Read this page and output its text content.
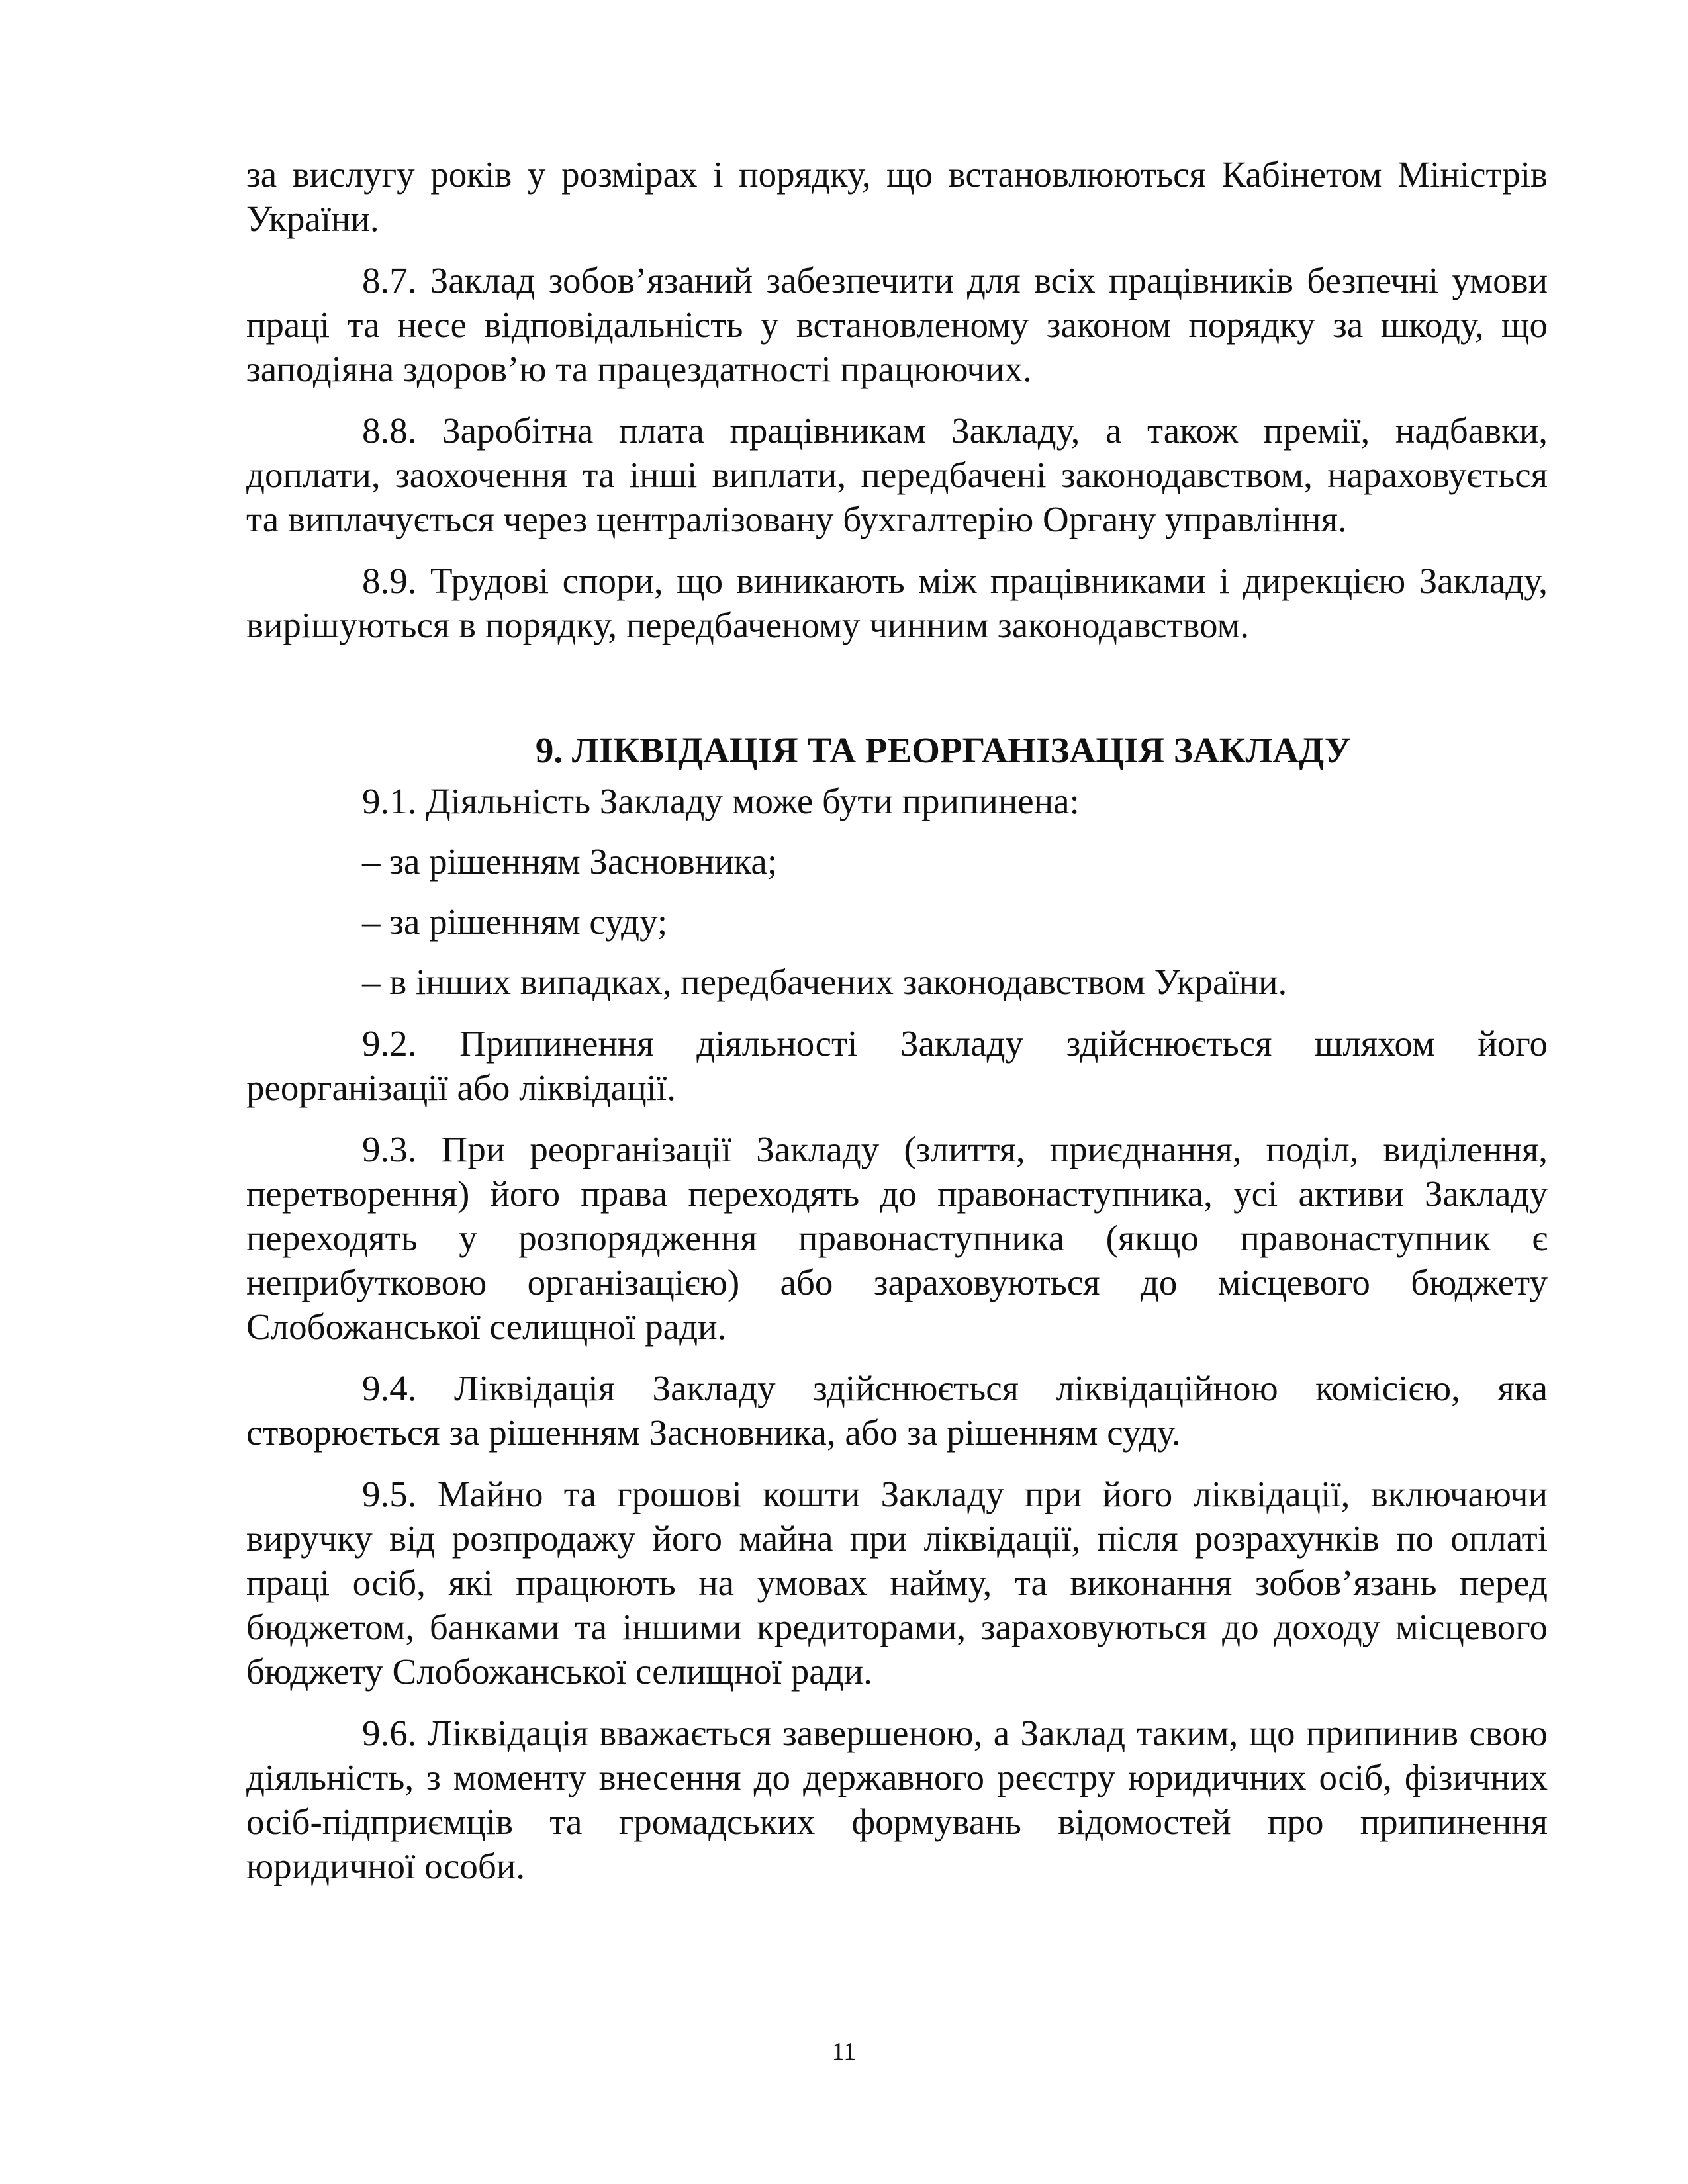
за вислугу років у розмірах і порядку, що встановлюються Кабінетом Міністрів України.

8.7. Заклад зобов’язаний забезпечити для всіх працівників безпечні умови праці та несе відповідальність у встановленому законом порядку за шкоду, що заподіяна здоров’ю та працездатності працюючих.

8.8. Заробітна плата працівникам Закладу, а також премії, надбавки, доплати, заохочення та інші виплати, передбачені законодавством, нараховується та виплачується через централізовану бухгалтерію Органу управління.

8.9. Трудові спори, що виникають між працівниками і дирекцією Закладу, вирішуються в порядку, передбаченому чинним законодавством.

9. ЛІКВІДАЦІЯ ТА РЕОРГАНІЗАЦІЯ ЗАКЛАДУ

9.1. Діяльність Закладу може бути припинена:

– за рішенням Засновника;

– за рішенням суду;

– в інших випадках, передбачених законодавством України.

9.2. Припинення діяльності Закладу здійснюється шляхом його реорганізації або ліквідації.

9.3. При реорганізації Закладу (злиття, приєднання, поділ, виділення, перетворення) його права переходять до правонаступника, усі активи Закладу переходять у розпорядження правонаступника (якщо правонаступник є неприбутковою організацією) або зараховуються до місцевого бюджету Слобожанської селищної ради.

9.4. Ліквідація Закладу здійснюється ліквідаційною комісією, яка створюється за рішенням Засновника, або за рішенням суду.

9.5. Майно та грошові кошти Закладу при його ліквідації, включаючи виручку від розпродажу його майна при ліквідації, після розрахунків по оплаті праці осіб, які працюють на умовах найму, та виконання зобов’язань перед бюджетом, банками та іншими кредиторами, зараховуються до доходу місцевого бюджету Слобожанської селищної ради.

9.6. Ліквідація вважається завершеною, а Заклад таким, що припинив свою діяльність, з моменту внесення до державного реєстру юридичних осіб, фізичних осіб-підприємців та громадських формувань відомостей про припинення юридичної особи.

11
